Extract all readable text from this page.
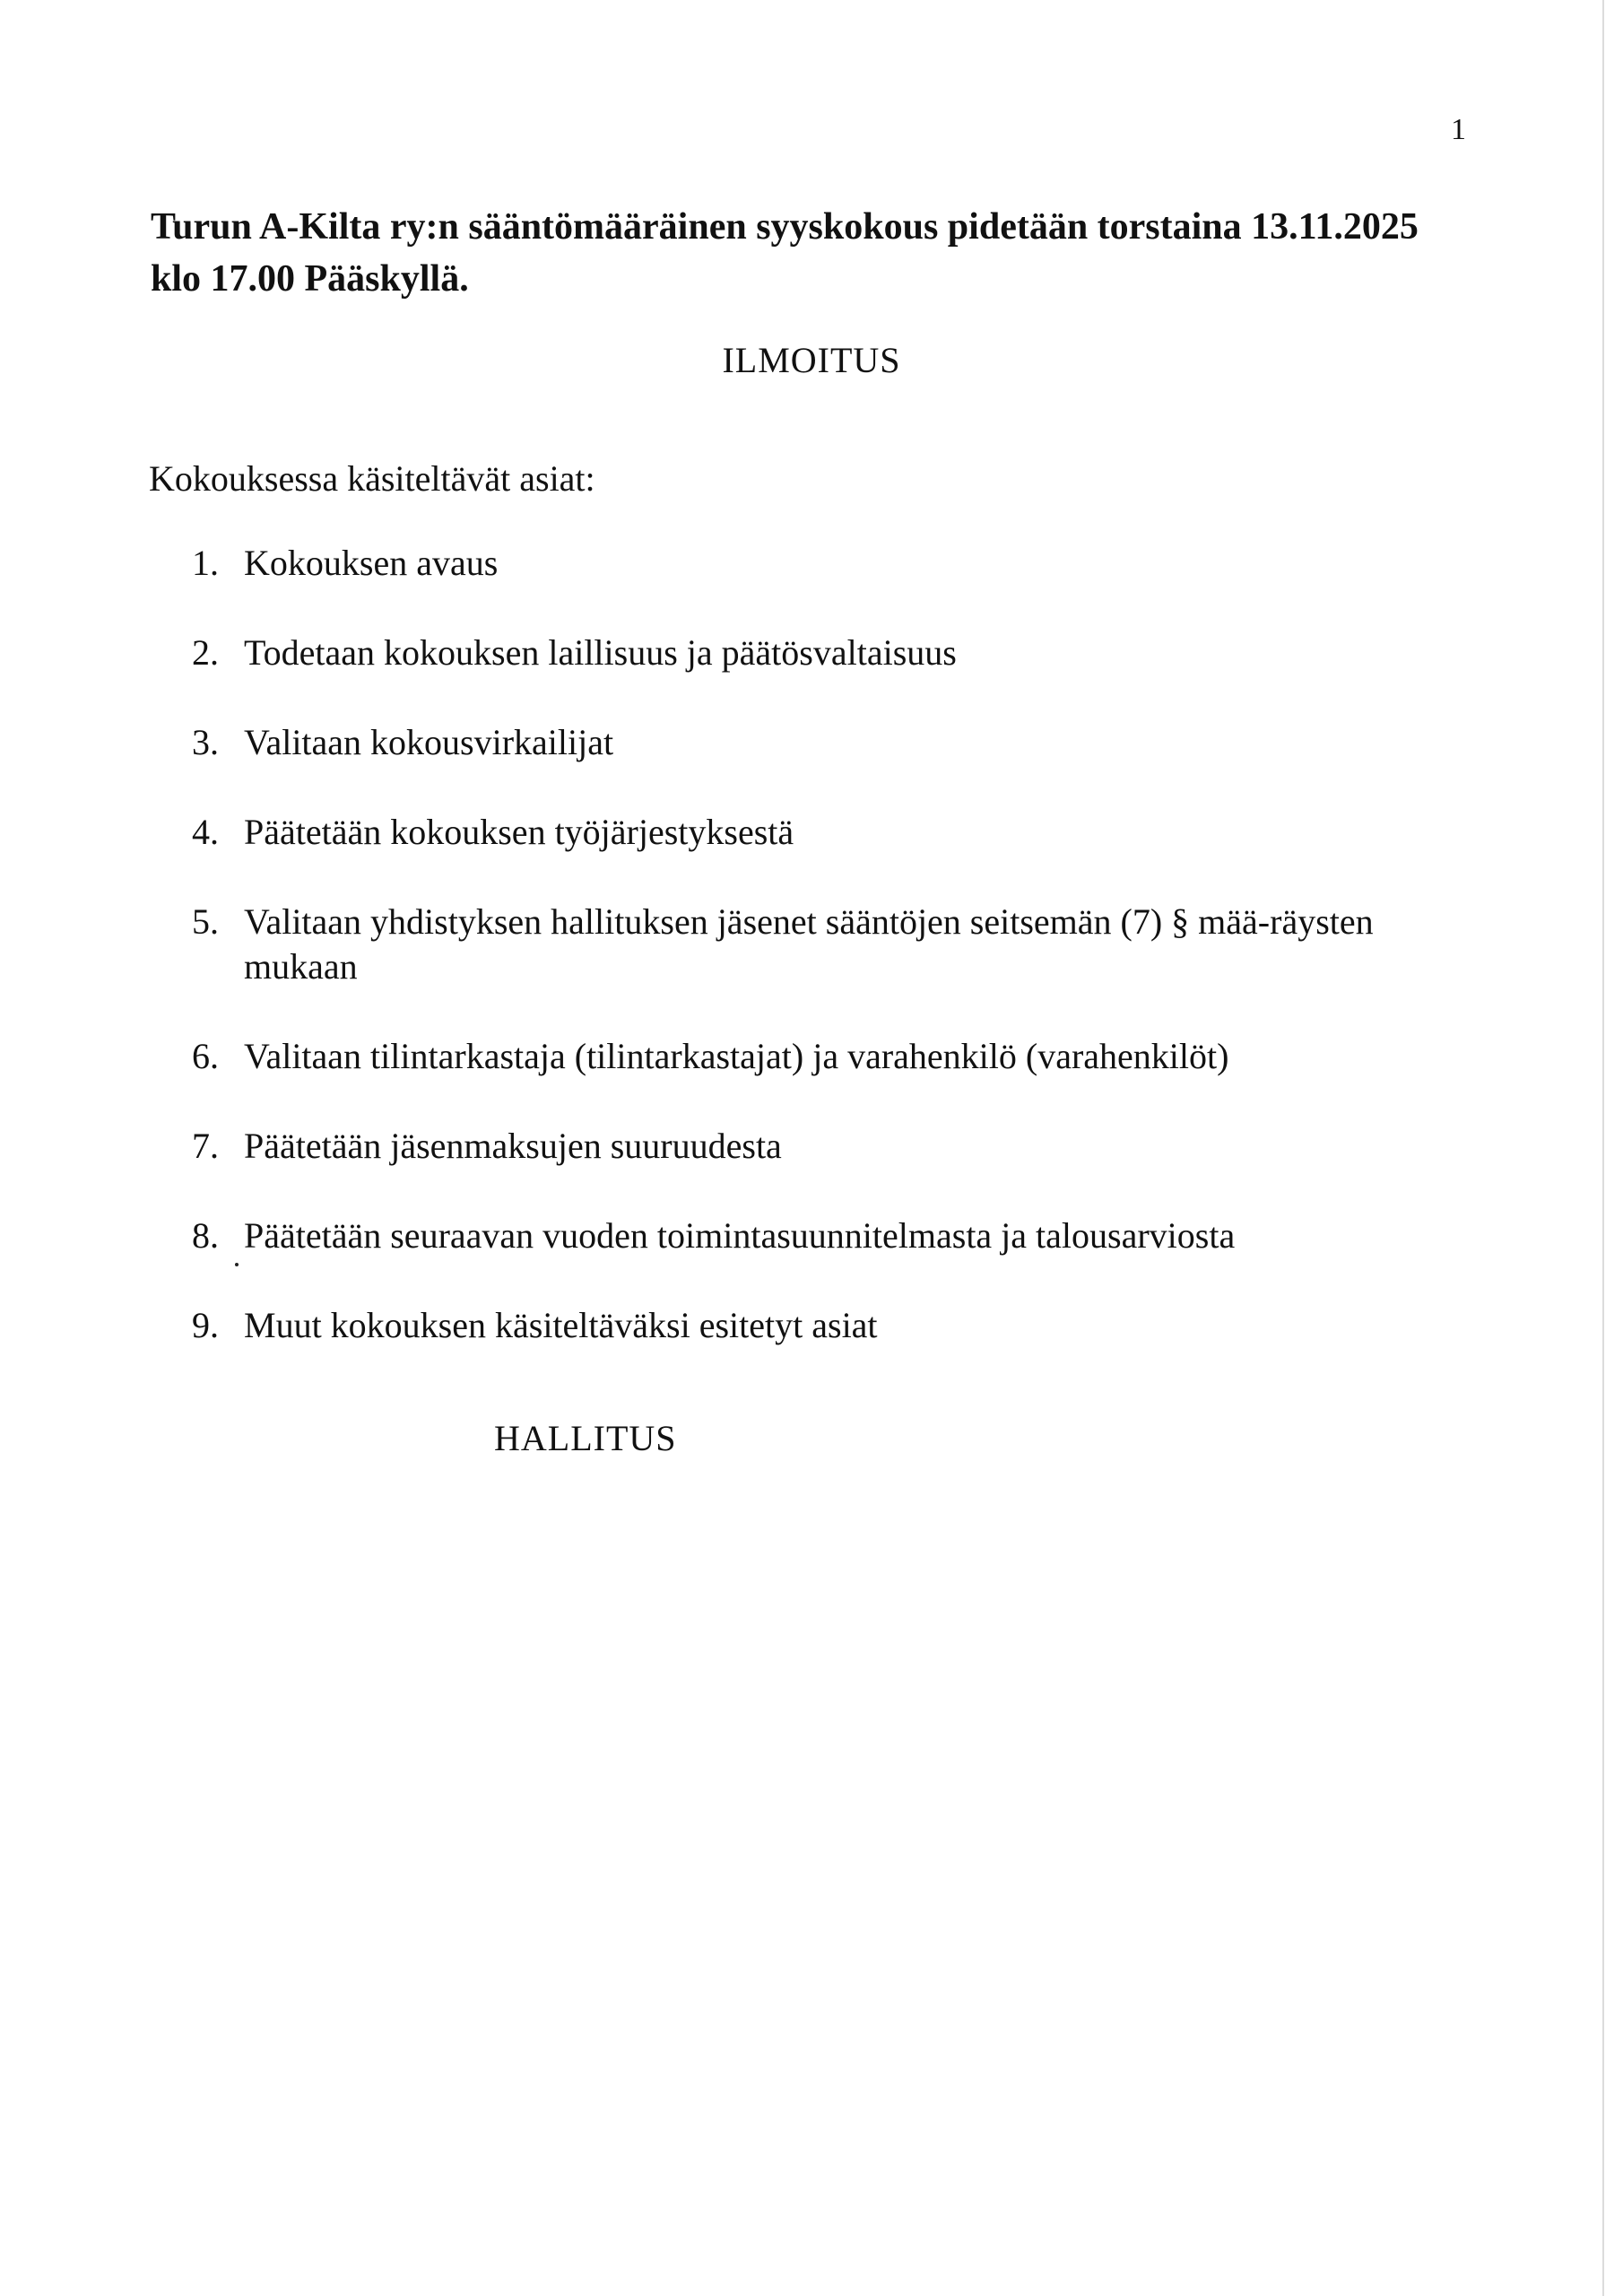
1
Turun A-Kilta ry:n sääntömääräinen syyskokous pidetään torstaina 13.11.2025 klo 17.00 Pääskyllä.
ILMOITUS
Kokouksessa käsiteltävät asiat:
1. Kokouksen avaus
2. Todetaan kokouksen laillisuus ja päätösvaltaisuus
3. Valitaan kokousvirkailijat
4. Päätetään kokouksen työjärjestyksestä
5. Valitaan yhdistyksen hallituksen jäsenet sääntöjen seitsemän (7) § mää-räysten mukaan
6. Valitaan tilintarkastaja (tilintarkastajat) ja varahenkilö (varahenkilöt)
7. Päätetään jäsenmaksujen suuruudesta
8. Päätetään seuraavan vuoden toimintasuunnitelmasta ja talousarviosta
9. Muut kokouksen käsiteltäväksi esitetyt asiat
HALLITUS
